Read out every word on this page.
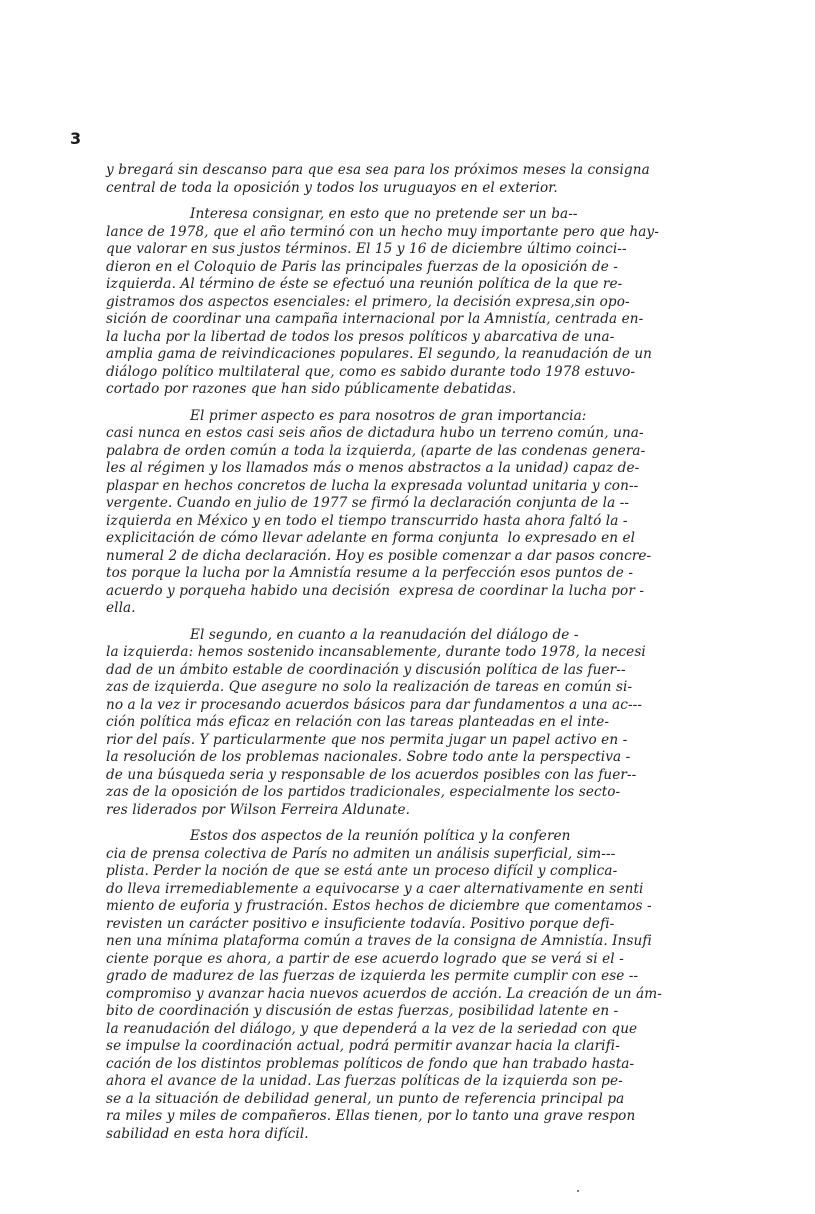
3
y bregará sin descanso para que esa sea para los próximos meses la consigna
central de toda la oposición y todos los uruguayos en el exterior.
Interesa consignar, en esto que no pretende ser un ba--
lance de 1978, que el año terminó con un hecho muy importante pero que hay-
que valorar en sus justos términos. El 15 y 16 de diciembre último coinci--
dieron en el Coloquio de Paris las principales fuerzas de la oposición de -
izquierda. Al término de éste se efectuó una reunión política de la que re-
gistramos dos aspectos esenciales: el primero, la decisión expresa,sin opo-
sición de coordinar una campaña internacional por la Amnistía, centrada en-
la lucha por la libertad de todos los presos políticos y abarcativa de una-
amplia gama de reivindicaciones populares. El segundo, la reanudación de un
diálogo político multilateral que, como es sabido durante todo 1978 estuvo-
cortado por razones que han sido públicamente debatidas.
El primer aspecto es para nosotros de gran importancia:
casi nunca en estos casi seis años de dictadura hubo un terreno común, una-
palabra de orden común a toda la izquierda, (aparte de las condenas genera-
les al régimen y los llamados más o menos abstractos a la unidad) capaz de-
plaspar en hechos concretos de lucha la expresada voluntad unitaria y con--
vergente. Cuando en julio de 1977 se firmó la declaración conjunta de la --
izquierda en México y en todo el tiempo transcurrido hasta ahora faltó la -
explicitación de cómo llevar adelante en forma conjunta  lo expresado en el
numeral 2 de dicha declaración. Hoy es posible comenzar a dar pasos concre-
tos porque la lucha por la Amnistía resume a la perfección esos puntos de -
acuerdo y porqueha habido una decisión  expresa de coordinar la lucha por -
ella.
El segundo, en cuanto a la reanudación del diálogo de -
la izquierda: hemos sostenido incansablemente, durante todo 1978, la necesi
dad de un ámbito estable de coordinación y discusión política de las fuer--
zas de izquierda. Que asegure no solo la realización de tareas en común si-
no a la vez ir procesando acuerdos básicos para dar fundamentos a una ac---
ción política más eficaz en relación con las tareas planteadas en el inte-
rior del país. Y particularmente que nos permita jugar un papel activo en -
la resolución de los problemas nacionales. Sobre todo ante la perspectiva -
de una búsqueda seria y responsable de los acuerdos posibles con las fuer--
zas de la oposición de los partidos tradicionales, especialmente los secto-
res liderados por Wilson Ferreira Aldunate.
Estos dos aspectos de la reunión política y la conferen
cia de prensa colectiva de París no admiten un análisis superficial, sim---
plista. Perder la noción de que se está ante un proceso difícil y complica-
do lleva irremediablemente a equivocarse y a caer alternativamente en senti
miento de euforia y frustración. Estos hechos de diciembre que comentamos -
revisten un carácter positivo e insuficiente todavía. Positivo porque defi-
nen una mínima plataforma común a traves de la consigna de Amnistía. Insufi
ciente porque es ahora, a partir de ese acuerdo logrado que se verá si el -
grado de madurez de las fuerzas de izquierda les permite cumplir con ese --
compromiso y avanzar hacia nuevos acuerdos de acción. La creación de un ám-
bito de coordinación y discusión de estas fuerzas, posibilidad latente en -
la reanudación del diálogo, y que dependerá a la vez de la seriedad con que
se impulse la coordinación actual, podrá permitir avanzar hacia la clarifi-
cación de los distintos problemas políticos de fondo que han trabado hasta-
ahora el avance de la unidad. Las fuerzas políticas de la izquierda son pe-
se a la situación de debilidad general, un punto de referencia principal pa
ra miles y miles de compañeros. Ellas tienen, por lo tanto una grave respon
sabilidad en esta hora difícil.
